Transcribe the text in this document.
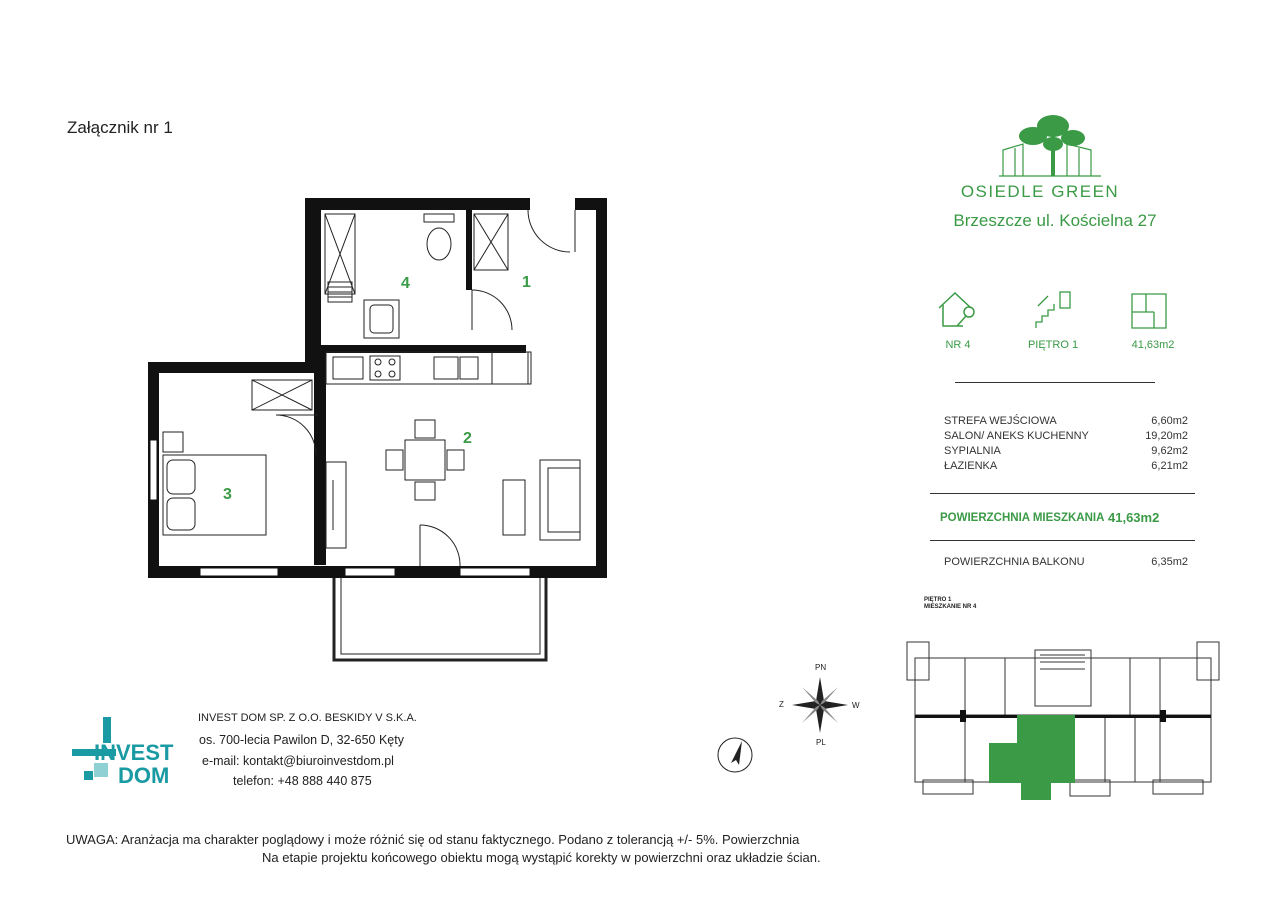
Załącznik nr 1
1
2
3
4
OSIEDLE GREEN
Brzeszcze ul. Kościelna 27
NR 4	PIĘTRO 1	41,63m2
STREFA WEJŚCIOWA	6,60m2
SALON/ ANEKS KUCHENNY	19,20m2
SYPIALNIA	9,62m2
ŁAZIENKA	6,21m2
POWIERZCHNIA MIESZKANIA 41,63m2
POWIERZCHNIA BALKONU	6,35m2
PIĘTRO 1
MIESZKANIE NR 4
PN
PL
W
Z
INVEST
DOM
INVEST DOM SP. Z O.O. BESKIDY V S.K.A.
os. 700-lecia Pawilon D, 32-650 Kęty
e-mail: kontakt@biuroinvestdom.pl
telefon: +48 888 440 875
UWAGA: Aranżacja ma charakter poglądowy i może różnić się od stanu faktycznego. Podano z tolerancją +/- 5%. Powierzchnia
Na etapie projektu końcowego obiektu mogą wystąpić korekty w powierzchni oraz układzie ścian.
